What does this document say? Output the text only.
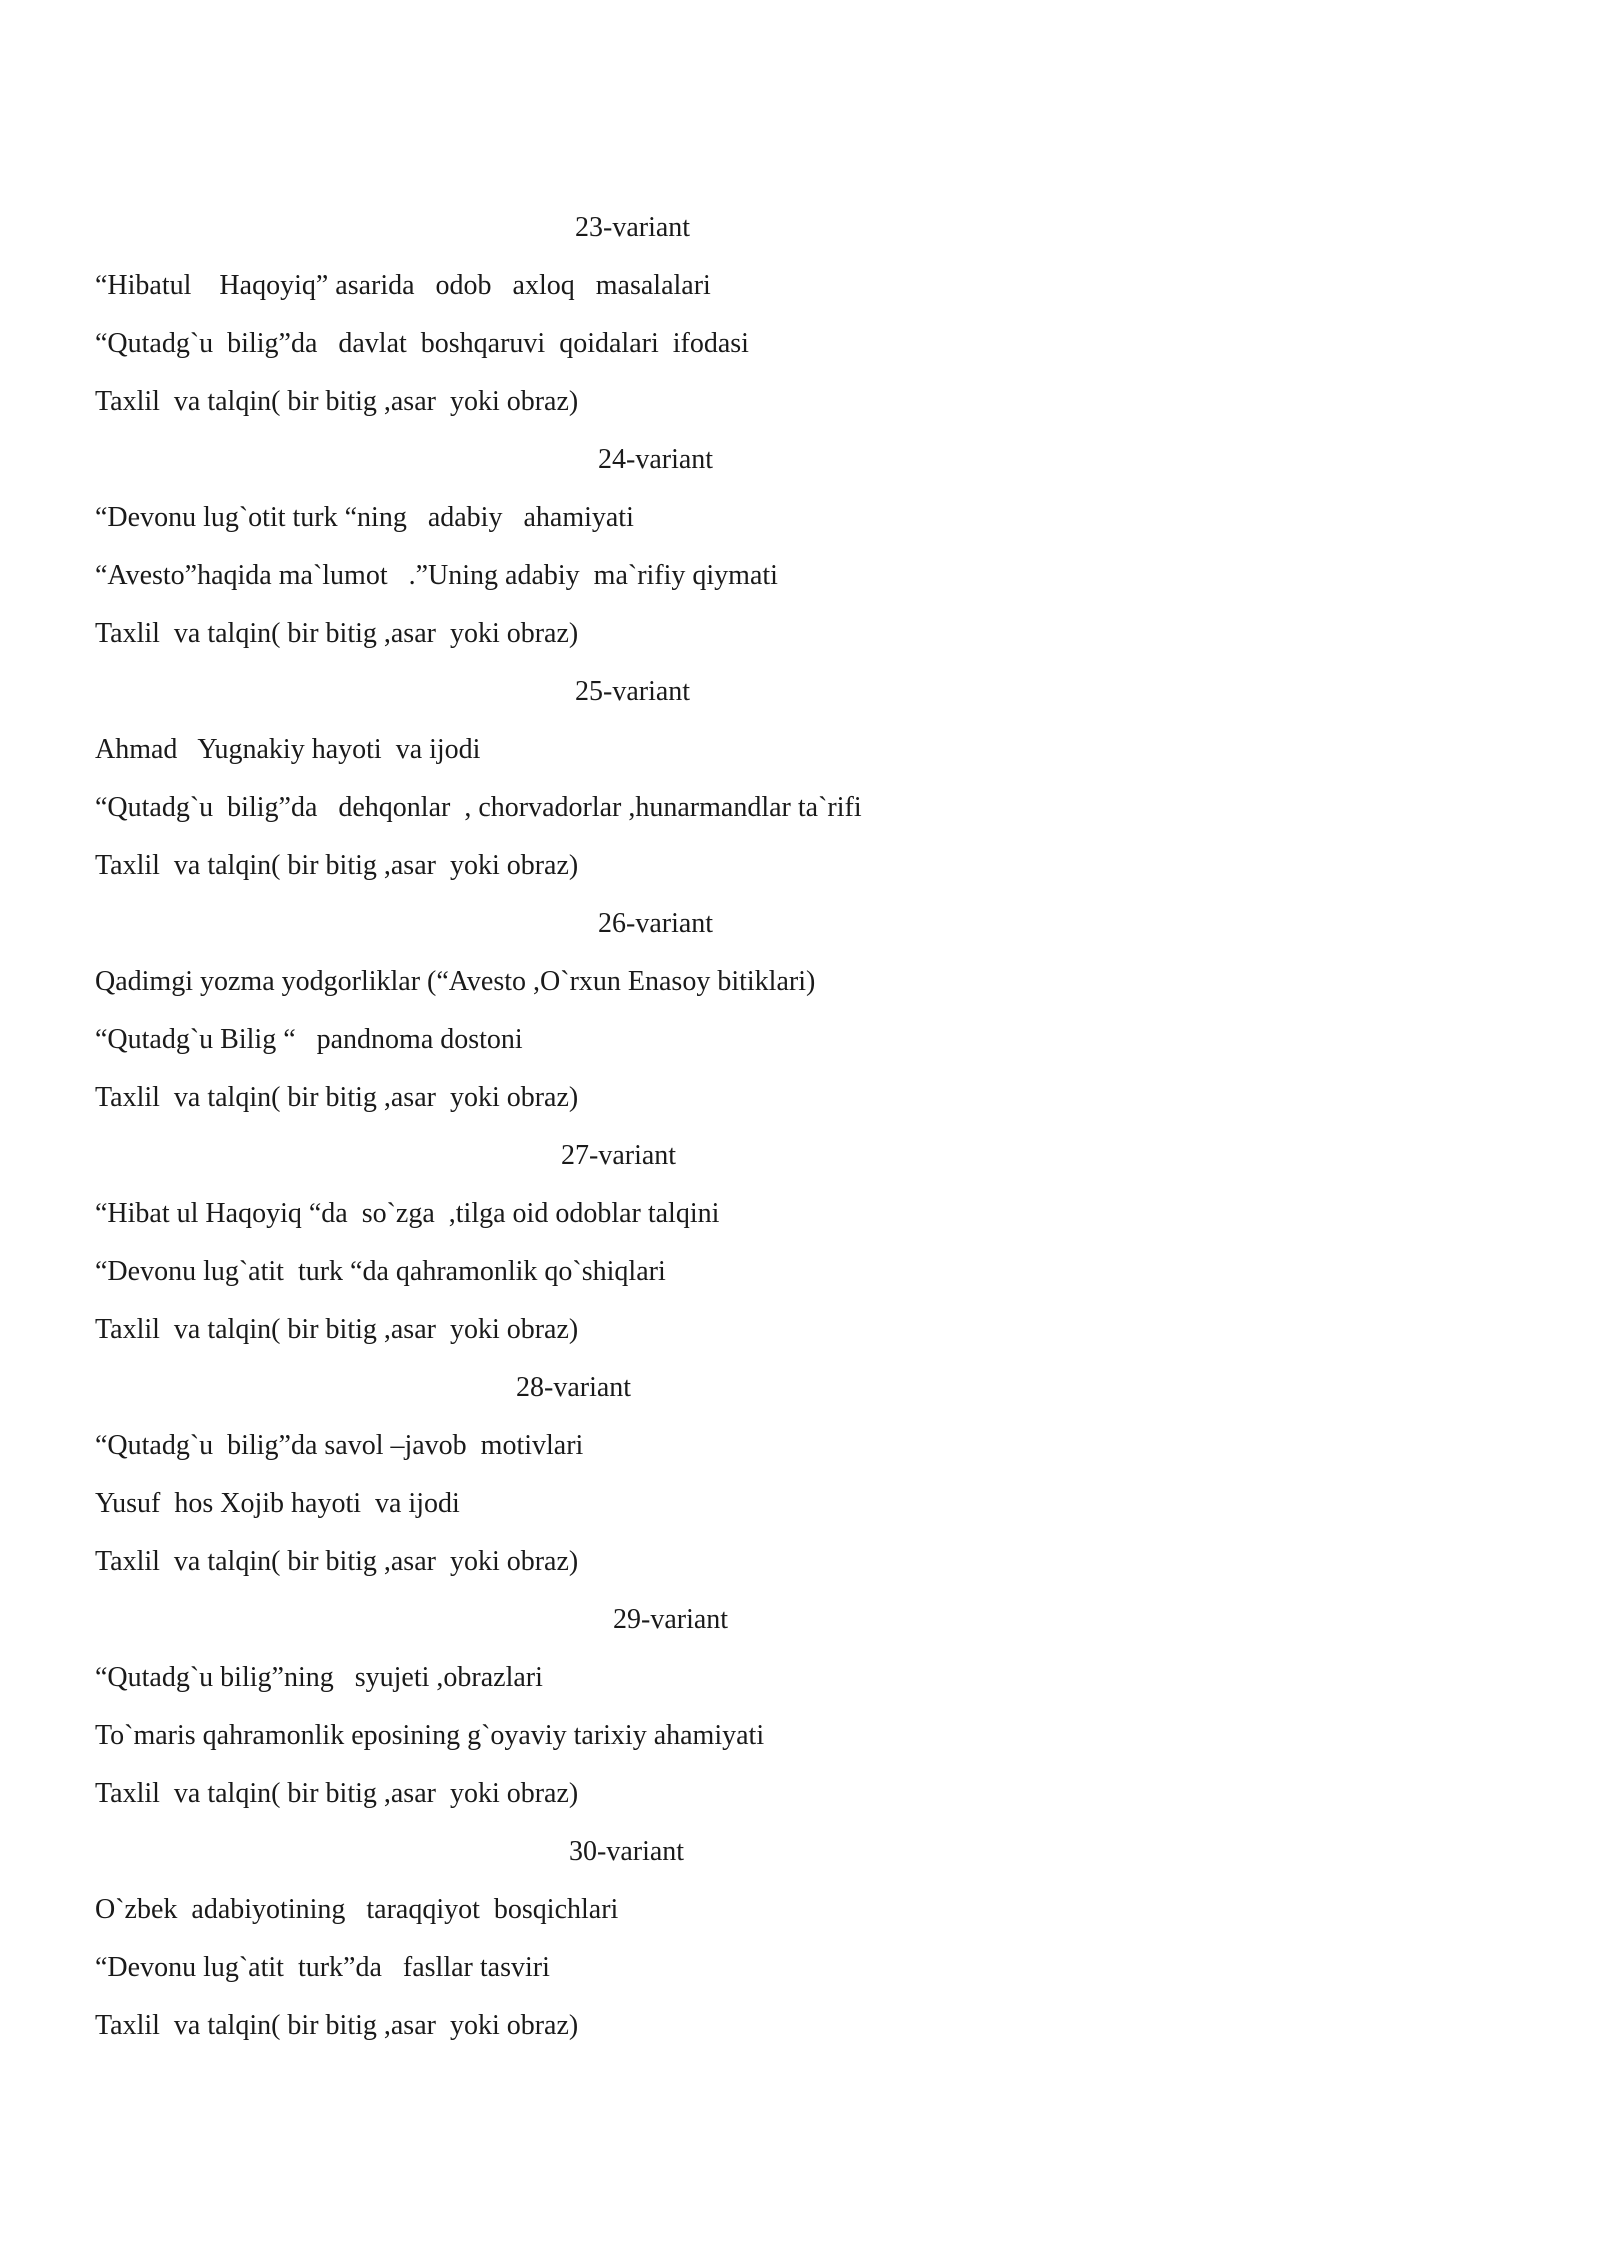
23-variant
“Hibatul    Haqoyiq” asarida   odob   axloq   masalalari
“Qutadg`u  bilig”da   davlat  boshqaruvi  qoidalari  ifodasi
Taxlil  va talqin( bir bitig ,asar  yoki obraz)
24-variant
“Devonu lug`otit turk “ning   adabiy   ahamiyati
“Avesto”haqida ma`lumot   .”Uning adabiy  ma`rifiy qiymati
Taxlil  va talqin( bir bitig ,asar  yoki obraz)
25-variant
Ahmad   Yugnakiy hayoti  va ijodi
“Qutadg`u  bilig”da   dehqonlar  , chorvadorlar ,hunarmandlar ta`rifi
Taxlil  va talqin( bir bitig ,asar  yoki obraz)
26-variant
Qadimgi yozma yodgorliklar (“Avesto ,O`rxun Enasoy bitiklari)
“Qutadg`u Bilig “   pandnoma dostoni
Taxlil  va talqin( bir bitig ,asar  yoki obraz)
27-variant
“Hibat ul Haqoyiq “da  so`zga  ,tilga oid odoblar talqini
“Devonu lug`atit  turk “da qahramonlik qo`shiqlari
Taxlil  va talqin( bir bitig ,asar  yoki obraz)
28-variant
“Qutadg`u  bilig”da savol –javob  motivlari
Yusuf  hos Xojib hayoti  va ijodi
Taxlil  va talqin( bir bitig ,asar  yoki obraz)
29-variant
“Qutadg`u bilig”ning   syujeti ,obrazlari
To`maris qahramonlik eposining g`oyaviy tarixiy ahamiyati
Taxlil  va talqin( bir bitig ,asar  yoki obraz)
30-variant
O`zbek  adabiyotining   taraqqiyot  bosqichlari
“Devonu lug`atit  turk”da   fasllar tasviri
Taxlil  va talqin( bir bitig ,asar  yoki obraz)
